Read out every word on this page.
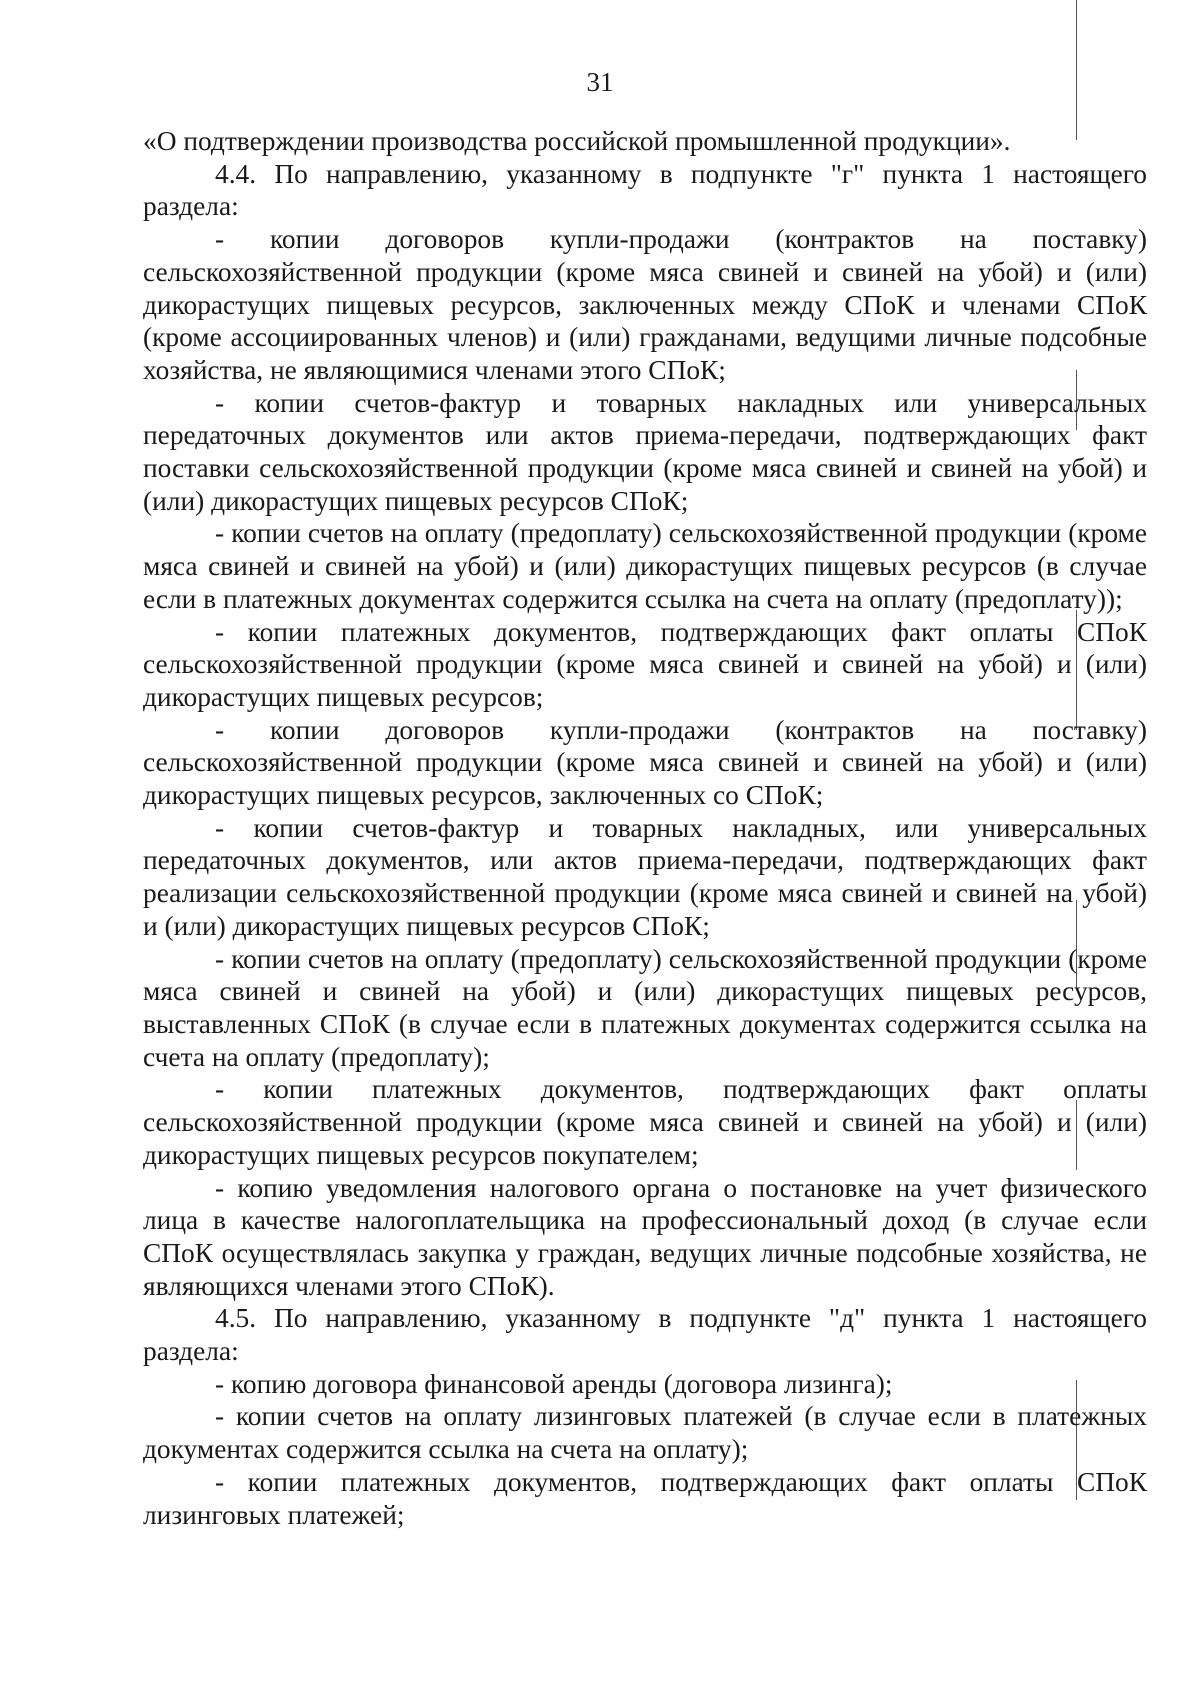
31

«О подтверждении производства российской промышленной продукции».

4.4. По направлению, указанному в подпункте "г" пункта 1 настоящего раздела:

- копии договоров купли-продажи (контрактов на поставку) сельскохозяйственной продукции (кроме мяса свиней и свиней на убой) и (или) дикорастущих пищевых ресурсов, заключенных между СПоК и членами СПоК (кроме ассоциированных членов) и (или) гражданами, ведущими личные подсобные хозяйства, не являющимися членами этого СПоК;

- копии счетов-фактур и товарных накладных или универсальных передаточных документов или актов приема-передачи, подтверждающих факт поставки сельскохозяйственной продукции (кроме мяса свиней и свиней на убой) и (или) дикорастущих пищевых ресурсов СПоК;

- копии счетов на оплату (предоплату) сельскохозяйственной продукции (кроме мяса свиней и свиней на убой) и (или) дикорастущих пищевых ресурсов (в случае если в платежных документах содержится ссылка на счета на оплату (предоплату));

- копии платежных документов, подтверждающих факт оплаты СПоК сельскохозяйственной продукции (кроме мяса свиней и свиней на убой) и (или) дикорастущих пищевых ресурсов;

- копии договоров купли-продажи (контрактов на поставку) сельскохозяйственной продукции (кроме мяса свиней и свиней на убой) и (или) дикорастущих пищевых ресурсов, заключенных со СПоК;

- копии счетов-фактур и товарных накладных, или универсальных передаточных документов, или актов приема-передачи, подтверждающих факт реализации сельскохозяйственной продукции (кроме мяса свиней и свиней на убой) и (или) дикорастущих пищевых ресурсов СПоК;

- копии счетов на оплату (предоплату) сельскохозяйственной продукции (кроме мяса свиней и свиней на убой) и (или) дикорастущих пищевых ресурсов, выставленных СПоК (в случае если в платежных документах содержится ссылка на счета на оплату (предоплату);

- копии платежных документов, подтверждающих факт оплаты сельскохозяйственной продукции (кроме мяса свиней и свиней на убой) и (или) дикорастущих пищевых ресурсов покупателем;

- копию уведомления налогового органа о постановке на учет физического лица в качестве налогоплательщика на профессиональный доход (в случае если СПоК осуществлялась закупка у граждан, ведущих личные подсобные хозяйства, не являющихся членами этого СПоК).

4.5. По направлению, указанному в подпункте "д" пункта 1 настоящего раздела:

- копию договора финансовой аренды (договора лизинга);

- копии счетов на оплату лизинговых платежей (в случае если в платежных документах содержится ссылка на счета на оплату);

- копии платежных документов, подтверждающих факт оплаты СПоК лизинговых платежей;
